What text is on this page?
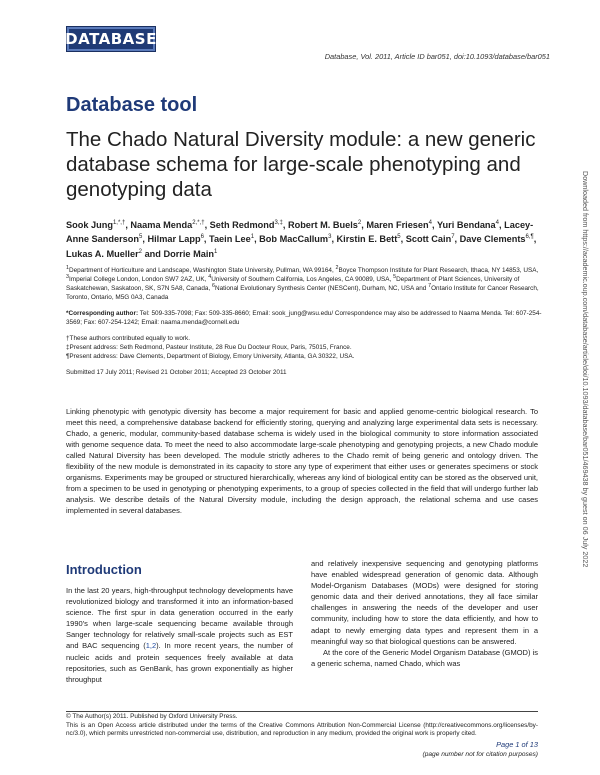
DATABASE
Database, Vol. 2011, Article ID bar051, doi:10.1093/database/bar051
Database tool
The Chado Natural Diversity module: a new generic database schema for large-scale phenotyping and genotyping data
Sook Jung$^{1,*,\dagger}$, Naama Menda$^{2,*,\dagger}$, Seth Redmond$^{3,\ddagger}$, Robert M. Buels$^2$, Maren Friesen$^4$, Yuri Bendana$^4$, Lacey-Anne Sanderson$^5$, Hilmar Lapp$^6$, Taein Lee$^1$, Bob MacCallum$^3$, Kirstin E. Bett$^5$, Scott Cain$^7$, Dave Clements$^{6,\P}$, Lukas A. Mueller$^2$ and Dorrie Main$^1$
$^1$Department of Horticulture and Landscape, Washington State University, Pullman, WA 99164, $^2$Boyce Thompson Institute for Plant Research, Ithaca, NY 14853, USA, $^3$Imperial College London, London SW7 2AZ, UK, $^4$University of Southern California, Los Angeles, CA 90089, USA, $^5$Department of Plant Sciences, University of Saskatchewan, Saskatoon, SK, S7N 5A8, Canada, $^6$National Evolutionary Synthesis Center (NESCent), Durham, NC, USA and $^7$Ontario Institute for Cancer Research, Toronto, Ontario, M5G 0A3, Canada
*Corresponding author: Tel: 509-335-7098; Fax: 509-335-8660; Email: sook_jung@wsu.edu/ Correspondence may also be addressed to Naama Menda. Tel: 607-254-3569; Fax: 607-254-1242; Email: naama.menda@cornell.edu
†These authors contributed equally to work.
‡Present address: Seth Redmond, Pasteur Institute, 28 Rue Du Docteur Roux, Paris, 75015, France.
¶Present address: Dave Clements, Department of Biology, Emory University, Atlanta, GA 30322, USA.
Submitted 17 July 2011; Revised 21 October 2011; Accepted 23 October 2011
Linking phenotypic with genotypic diversity has become a major requirement for basic and applied genome-centric biological research. To meet this need, a comprehensive database backend for efficiently storing, querying and analyzing large experimental data sets is necessary. Chado, a generic, modular, community-based database schema is widely used in the biological community to store information associated with genome sequence data. To meet the need to also accommodate large-scale phenotyping and genotyping projects, a new Chado module called Natural Diversity has been developed. The module strictly adheres to the Chado remit of being generic and ontology driven. The flexibility of the new module is demonstrated in its capacity to store any type of experiment that either uses or generates specimens or stock organisms. Experiments may be grouped or structured hierarchically, whereas any kind of biological entity can be stored as the observed unit, from a specimen to be used in genotyping or phenotyping experiments, to a group of species collected in the field that will undergo further lab analysis. We describe details of the Natural Diversity module, including the design approach, the relational schema and use cases implemented in several databases.
Introduction
In the last 20 years, high-throughput technology developments have revolutionized biology and transformed it into an information-based science. The first spur in data generation occurred in the early 1990's when large-scale sequencing became available through Sanger technology for relatively small-scale projects such as EST and BAC sequencing (1,2). In more recent years, the number of nucleic acids and protein sequences freely available at data repositories, such as GenBank, has grown exponentially as higher throughput

and relatively inexpensive sequencing and genotyping platforms have enabled widespread generation of genomic data. Although Model-Organism Databases (MODs) were designed for storing genomic data and their derived annotations, they all face similar challenges in answering the needs of the developer and user community, including how to store the data efficiently, and how to adapt to newly emerging data types and represent them in a meaningful way so that biological questions can be answered.

At the core of the Generic Model Organism Database (GMOD) is a generic schema, named Chado, which was

© The Author(s) 2011. Published by Oxford University Press.
This is an Open Access article distributed under the terms of the Creative Commons Attribution Non-Commercial License (http://creativecommons.org/licenses/by-nc/3.0), which permits unrestricted non-commercial use, distribution, and reproduction in any medium, provided the original work is properly cited.
Page 1 of 13
(page number not for citation purposes)
Downloaded from https://academic.oup.com/database/article/doi/10.1093/database/bar051/469438 by guest on 06 July 2022
